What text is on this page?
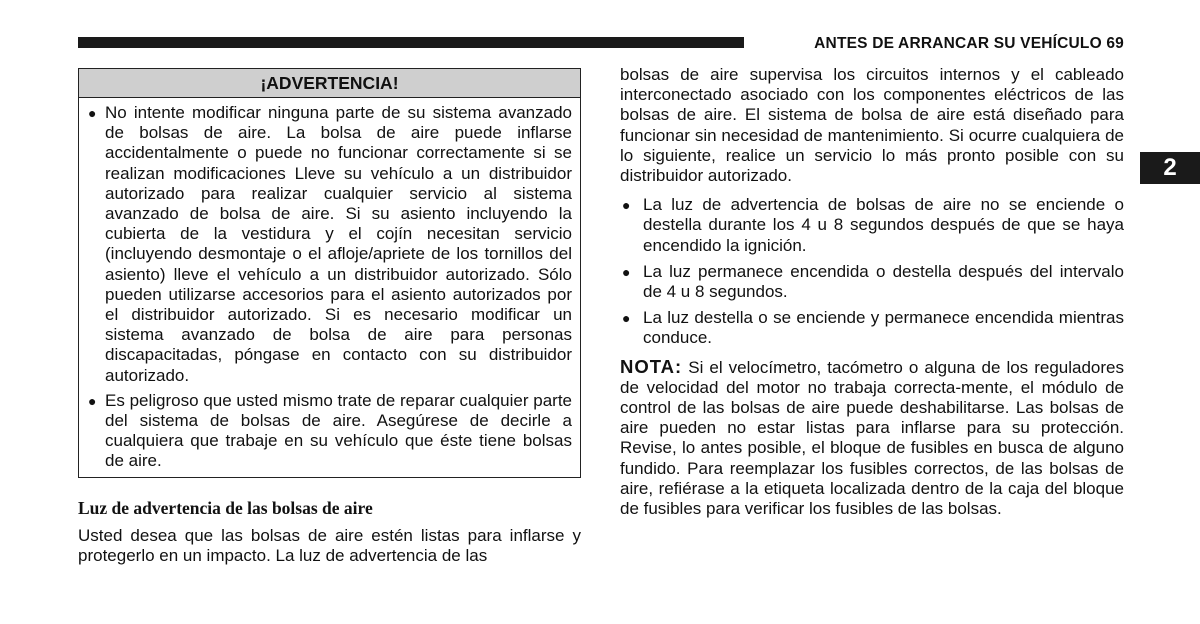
ANTES DE ARRANCAR SU VEHÍCULO 69
2
¡ADVERTENCIA!
● No intente modificar ninguna parte de su sistema avanzado de bolsas de aire. La bolsa de aire puede inflarse accidentalmente o puede no funcionar correctamente si se realizan modificaciones Lleve su vehículo a un distribuidor autorizado para realizar cualquier servicio al sistema avanzado de bolsa de aire. Si su asiento incluyendo la cubierta de la vestidura y el cojín necesitan servicio (incluyendo desmontaje o el afloje/apriete de los tornillos del asiento) lleve el vehículo a un distribuidor autorizado. Sólo pueden utilizarse accesorios para el asiento autorizados por el distribuidor autorizado. Si es necesario modificar un sistema avanzado de bolsa de aire para personas discapacitadas, póngase en contacto con su distribuidor autorizado.
● Es peligroso que usted mismo trate de reparar cualquier parte del sistema de bolsas de aire. Asegúrese de decirle a cualquiera que trabaje en su vehículo que éste tiene bolsas de aire.
Luz de advertencia de las bolsas de aire
Usted desea que las bolsas de aire estén listas para inflarse y protegerlo en un impacto. La luz de advertencia de las

bolsas de aire supervisa los circuitos internos y el cableado interconectado asociado con los componentes eléctricos de las bolsas de aire. El sistema de bolsa de aire está diseñado para funcionar sin necesidad de mantenimiento. Si ocurre cualquiera de lo siguiente, realice un servicio lo más pronto posible con su distribuidor autorizado.

● La luz de advertencia de bolsas de aire no se enciende o destella durante los 4 u 8 segundos después de que se haya encendido la ignición.
● La luz permanece encendida o destella después del intervalo de 4 u 8 segundos.
● La luz destella o se enciende y permanece encendida mientras conduce.

NOTA: Si el velocímetro, tacómetro o alguna de los reguladores de velocidad del motor no trabaja correcta-mente, el módulo de control de las bolsas de aire puede deshabilitarse. Las bolsas de aire pueden no estar listas para inflarse para su protección. Revise, lo antes posible, el bloque de fusibles en busca de alguno fundido. Para reemplazar los fusibles correctos, de las bolsas de aire, refiérase a la etiqueta localizada dentro de la caja del bloque de fusibles para verificar los fusibles de las bolsas.
